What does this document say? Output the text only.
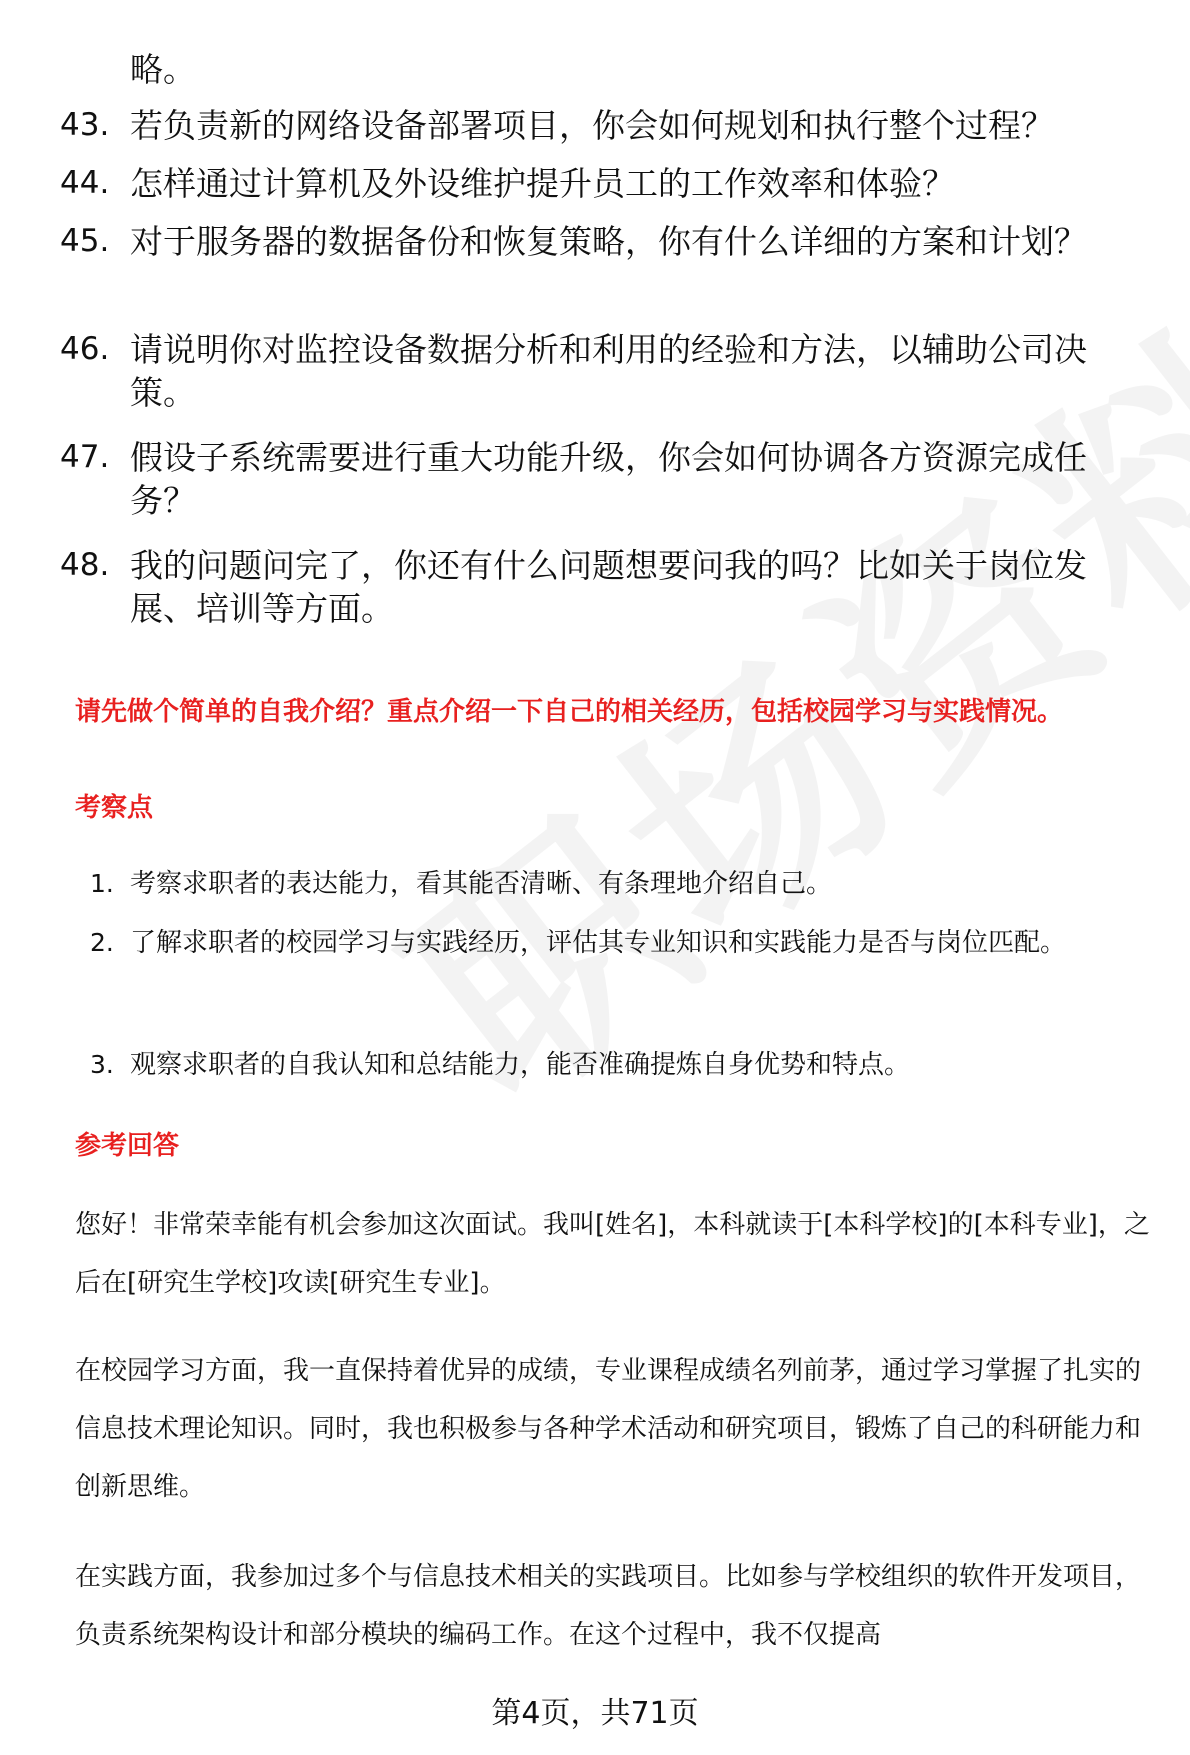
略。
43. 若负责新的网络设备部署项目，你会如何规划和执行整个过程？
44. 怎样通过计算机及外设维护提升员工的工作效率和体验？
45. 对于服务器的数据备份和恢复策略，你有什么详细的方案和计划？
46. 请说明你对监控设备数据分析和利用的经验和方法，以辅助公司决策。
47. 假设子系统需要进行重大功能升级，你会如何协调各方资源完成任务？
48. 我的问题问完了，你还有什么问题想要问我的吗？比如关于岗位发展、培训等方面。
请先做个简单的自我介绍？重点介绍一下自己的相关经历，包括校园学习与实践情况。
考察点
1. 考察求职者的表达能力，看其能否清晰、有条理地介绍自己。
2. 了解求职者的校园学习与实践经历，评估其专业知识和实践能力是否与岗位匹配。
3. 观察求职者的自我认知和总结能力，能否准确提炼自身优势和特点。
参考回答
您好！非常荣幸能有机会参加这次面试。我叫[姓名]，本科就读于[本科学校]的[本科专业]，之后在[研究生学校]攻读[研究生专业]。
在校园学习方面，我一直保持着优异的成绩，专业课程成绩名列前茅，通过学习掌握了扎实的信息技术理论知识。同时，我也积极参与各种学术活动和研究项目，锻炼了自己的科研能力和创新思维。
在实践方面，我参加过多个与信息技术相关的实践项目。比如参与学校组织的软件开发项目，负责系统架构设计和部分模块的编码工作。在这个过程中，我不仅提高
第4页，共71页
